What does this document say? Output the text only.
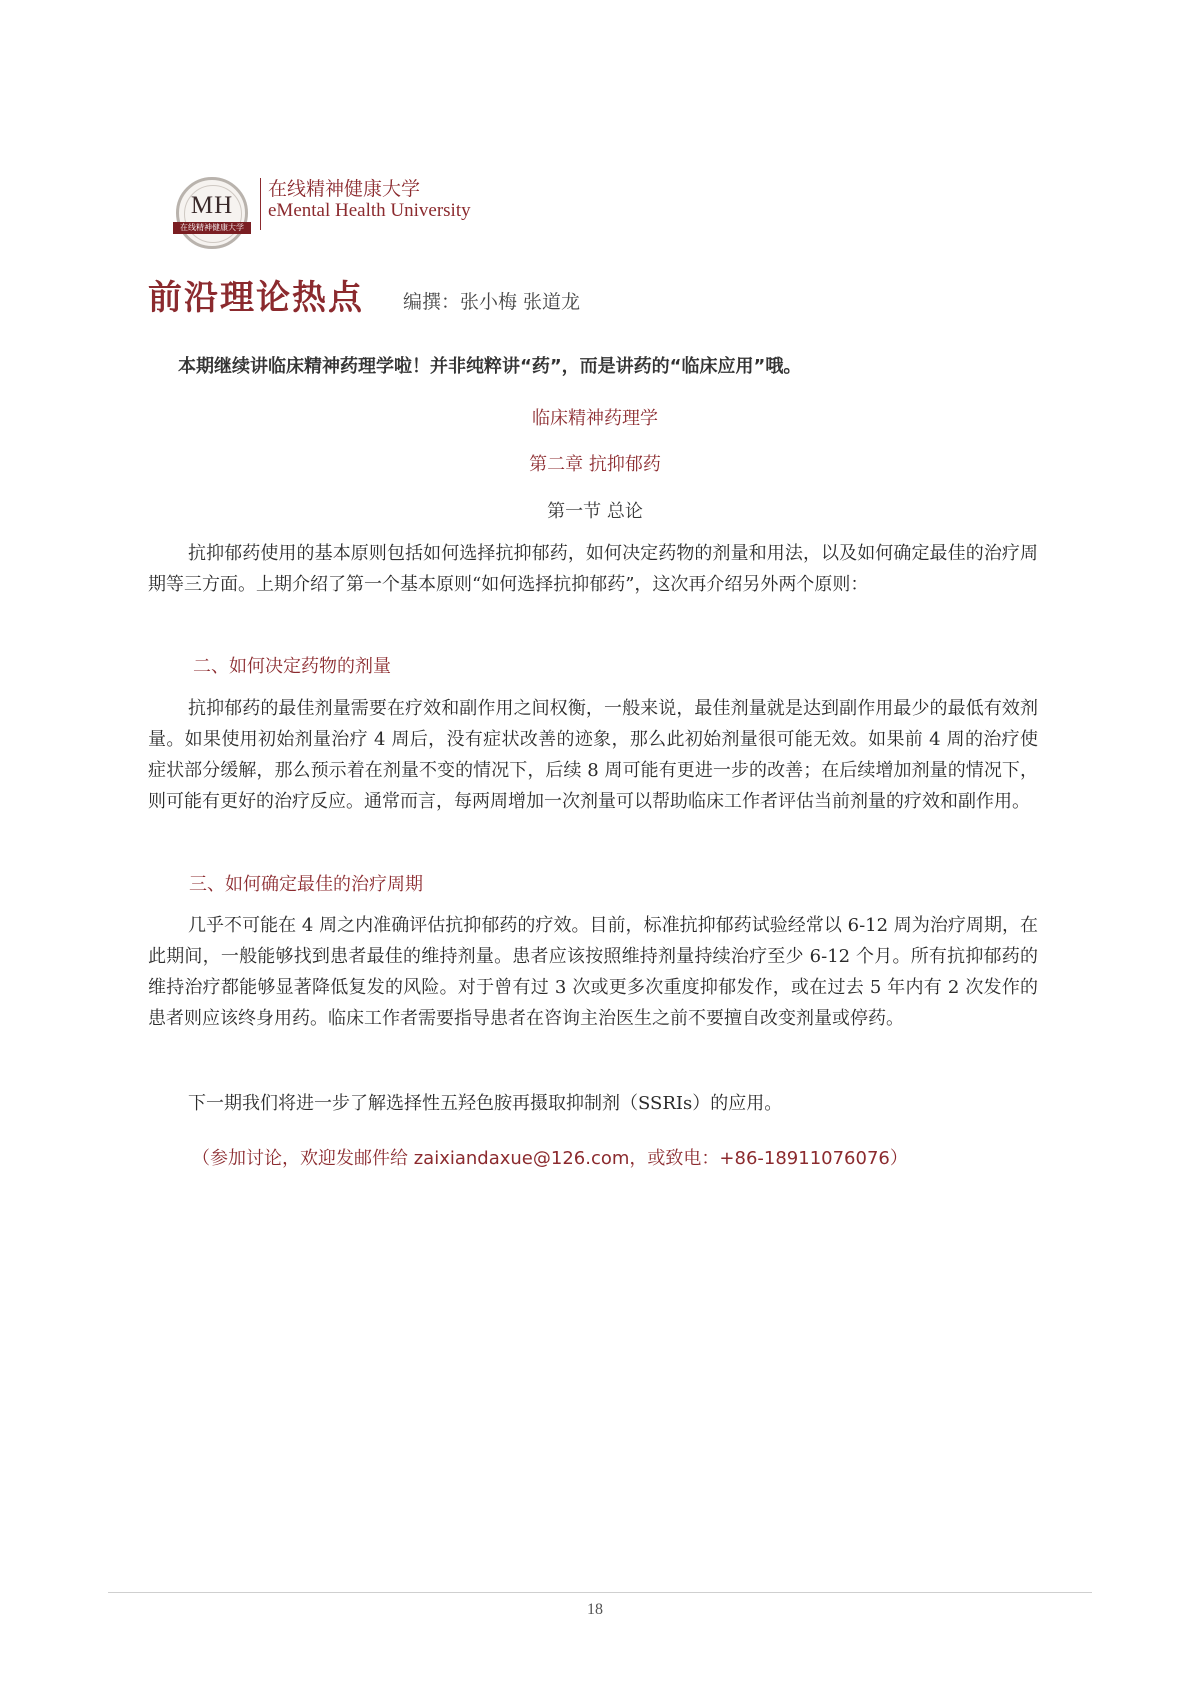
MH
在线精神健康大学
在线精神健康大学
eMental Health University
前沿理论热点 编撰：张小梅 张道龙
本期继续讲临床精神药理学啦！并非纯粹讲“药”，而是讲药的“临床应用”哦。
临床精神药理学
第二章 抗抑郁药
第一节 总论
抗抑郁药使用的基本原则包括如何选择抗抑郁药，如何决定药物的剂量和用法，以及如何确定最佳的治疗周期等三方面。上期介绍了第一个基本原则“如何选择抗抑郁药”，这次再介绍另外两个原则：
二、如何决定药物的剂量
抗抑郁药的最佳剂量需要在疗效和副作用之间权衡，一般来说，最佳剂量就是达到副作用最少的最低有效剂量。如果使用初始剂量治疗 4 周后，没有症状改善的迹象，那么此初始剂量很可能无效。如果前 4 周的治疗使症状部分缓解，那么预示着在剂量不变的情况下，后续 8 周可能有更进一步的改善；在后续增加剂量的情况下，则可能有更好的治疗反应。通常而言，每两周增加一次剂量可以帮助临床工作者评估当前剂量的疗效和副作用。
三、如何确定最佳的治疗周期
几乎不可能在 4 周之内准确评估抗抑郁药的疗效。目前，标准抗抑郁药试验经常以 6-12 周为治疗周期，在此期间，一般能够找到患者最佳的维持剂量。患者应该按照维持剂量持续治疗至少 6-12 个月。所有抗抑郁药的维持治疗都能够显著降低复发的风险。对于曾有过 3 次或更多次重度抑郁发作，或在过去 5 年内有 2 次发作的患者则应该终身用药。临床工作者需要指导患者在咨询主治医生之前不要擅自改变剂量或停药。
下一期我们将进一步了解选择性五羟色胺再摄取抑制剂（SSRIs）的应用。
（参加讨论，欢迎发邮件给 zaixiandaxue@126.com，或致电：+86-18911076076）
18
